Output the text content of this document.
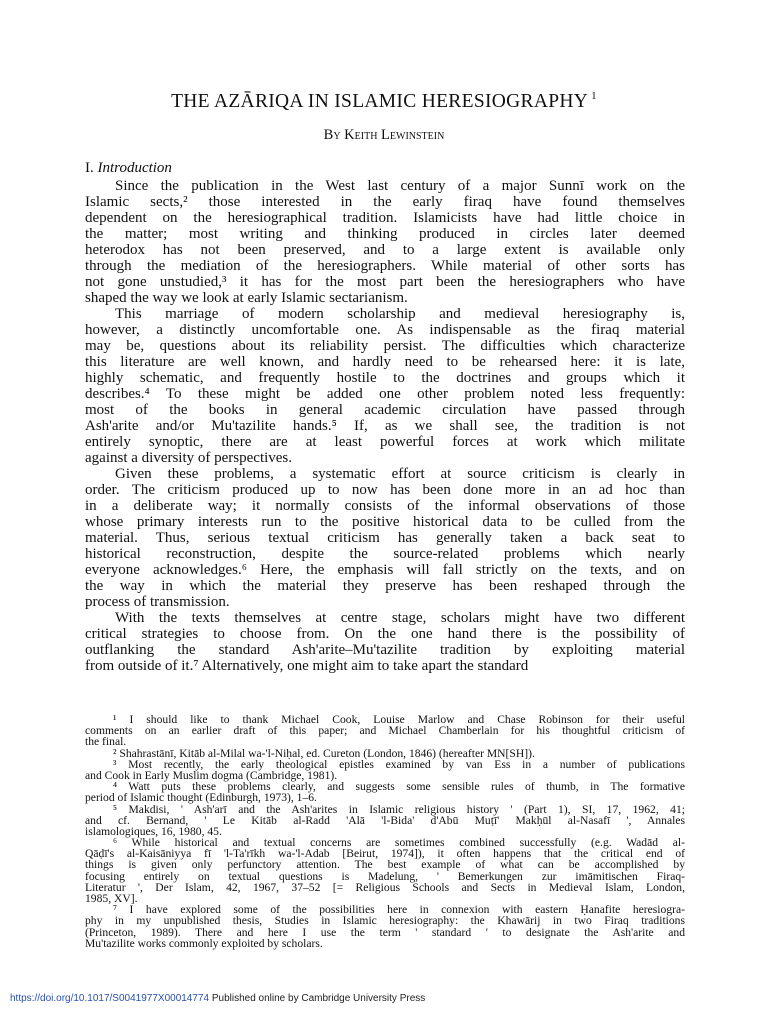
THE AZĀRIQA IN ISLAMIC HERESIOGRAPHY $^1$
By Keith Lewinstein
I. Introduction
Since the publication in the West last century of a major Sunnī work on the
Islamic sects,² those interested in the early firaq have found themselves
dependent on the heresiographical tradition. Islamicists have had little choice in
the matter; most writing and thinking produced in circles later deemed
heterodox has not been preserved, and to a large extent is available only
through the mediation of the heresiographers. While material of other sorts has
not gone unstudied,³ it has for the most part been the heresiographers who have
shaped the way we look at early Islamic sectarianism.
This marriage of modern scholarship and medieval heresiography is,
however, a distinctly uncomfortable one. As indispensable as the firaq material
may be, questions about its reliability persist. The difficulties which characterize
this literature are well known, and hardly need to be rehearsed here: it is late,
highly schematic, and frequently hostile to the doctrines and groups which it
describes.⁴ To these might be added one other problem noted less frequently:
most of the books in general academic circulation have passed through
Ash'arite and/or Mu'tazilite hands.⁵ If, as we shall see, the tradition is not
entirely synoptic, there are at least powerful forces at work which militate
against a diversity of perspectives.
Given these problems, a systematic effort at source criticism is clearly in
order. The criticism produced up to now has been done more in an ad hoc than
in a deliberate way; it normally consists of the informal observations of those
whose primary interests run to the positive historical data to be culled from the
material. Thus, serious textual criticism has generally taken a back seat to
historical reconstruction, despite the source-related problems which nearly
everyone acknowledges.⁶ Here, the emphasis will fall strictly on the texts, and on
the way in which the material they preserve has been reshaped through the
process of transmission.
With the texts themselves at centre stage, scholars might have two different
critical strategies to choose from. On the one hand there is the possibility of
outflanking the standard Ash'arite–Mu'tazilite tradition by exploiting material
from outside of it.⁷ Alternatively, one might aim to take apart the standard
¹ I should like to thank Michael Cook, Louise Marlow and Chase Robinson for their useful
comments on an earlier draft of this paper; and Michael Chamberlain for his thoughtful criticism of
the final.
² Shahrastānī, Kitāb al-Milal wa-'l-Niḥal, ed. Cureton (London, 1846) (hereafter MN[SH]).
³ Most recently, the early theological epistles examined by van Ess in a number of publications
and Cook in Early Muslim dogma (Cambridge, 1981).
⁴ Watt puts these problems clearly, and suggests some sensible rules of thumb, in The formative
period of Islamic thought (Edinburgh, 1973), 1–6.
⁵ Makdisi, ' Ash'arī and the Ash'arites in Islamic religious history ' (Part 1), SI, 17, 1962, 41;
and cf. Bernand, ' Le Kitāb al-Radd 'Alā 'l-Bida' d'Abū Muṭī' Makḥūl al-Nasafī ', Annales
islamologiques, 16, 1980, 45.
⁶ While historical and textual concerns are sometimes combined successfully (e.g. Wadād al-
Qāḍī's al-Kaisāniyya fī 'l-Ta'rīkh wa-'l-Adab [Beirut, 1974]), it often happens that the critical end of
things is given only perfunctory attention. The best example of what can be accomplished by
focusing entirely on textual questions is Madelung, ' Bemerkungen zur imāmitischen Firaq-
Literatur ', Der Islam, 42, 1967, 37–52 [= Religious Schools and Sects in Medieval Islam, London,
1985, XV].
⁷ I have explored some of the possibilities here in connexion with eastern Ḥanafite heresiogra-
phy in my unpublished thesis, Studies in Islamic heresiography: the Khawārij in two Firaq traditions
(Princeton, 1989). There and here I use the term ' standard ' to designate the Ash'arite and
Mu'tazilite works commonly exploited by scholars.
https://doi.org/10.1017/S0041977X00014774 Published online by Cambridge University Press
